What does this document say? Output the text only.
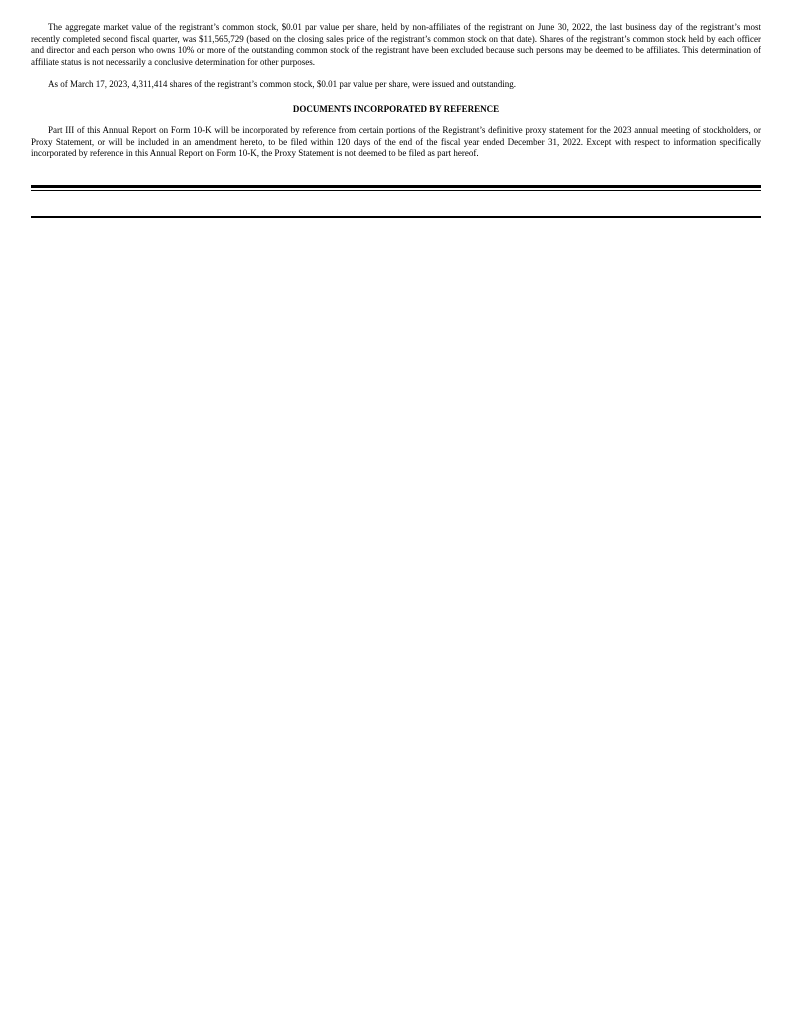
The aggregate market value of the registrant’s common stock, $0.01 par value per share, held by non-affiliates of the registrant on June 30, 2022, the last business day of the registrant’s most recently completed second fiscal quarter, was $11,565,729 (based on the closing sales price of the registrant’s common stock on that date). Shares of the registrant’s common stock held by each officer and director and each person who owns 10% or more of the outstanding common stock of the registrant have been excluded because such persons may be deemed to be affiliates. This determination of affiliate status is not necessarily a conclusive determination for other purposes.

As of March 17, 2023, 4,311,414 shares of the registrant’s common stock, $0.01 par value per share, were issued and outstanding.

DOCUMENTS INCORPORATED BY REFERENCE

Part III of this Annual Report on Form 10-K will be incorporated by reference from certain portions of the Registrant’s definitive proxy statement for the 2023 annual meeting of stockholders, or Proxy Statement, or will be included in an amendment hereto, to be filed within 120 days of the end of the fiscal year ended December 31, 2022. Except with respect to information specifically incorporated by reference in this Annual Report on Form 10-K, the Proxy Statement is not deemed to be filed as part hereof.
